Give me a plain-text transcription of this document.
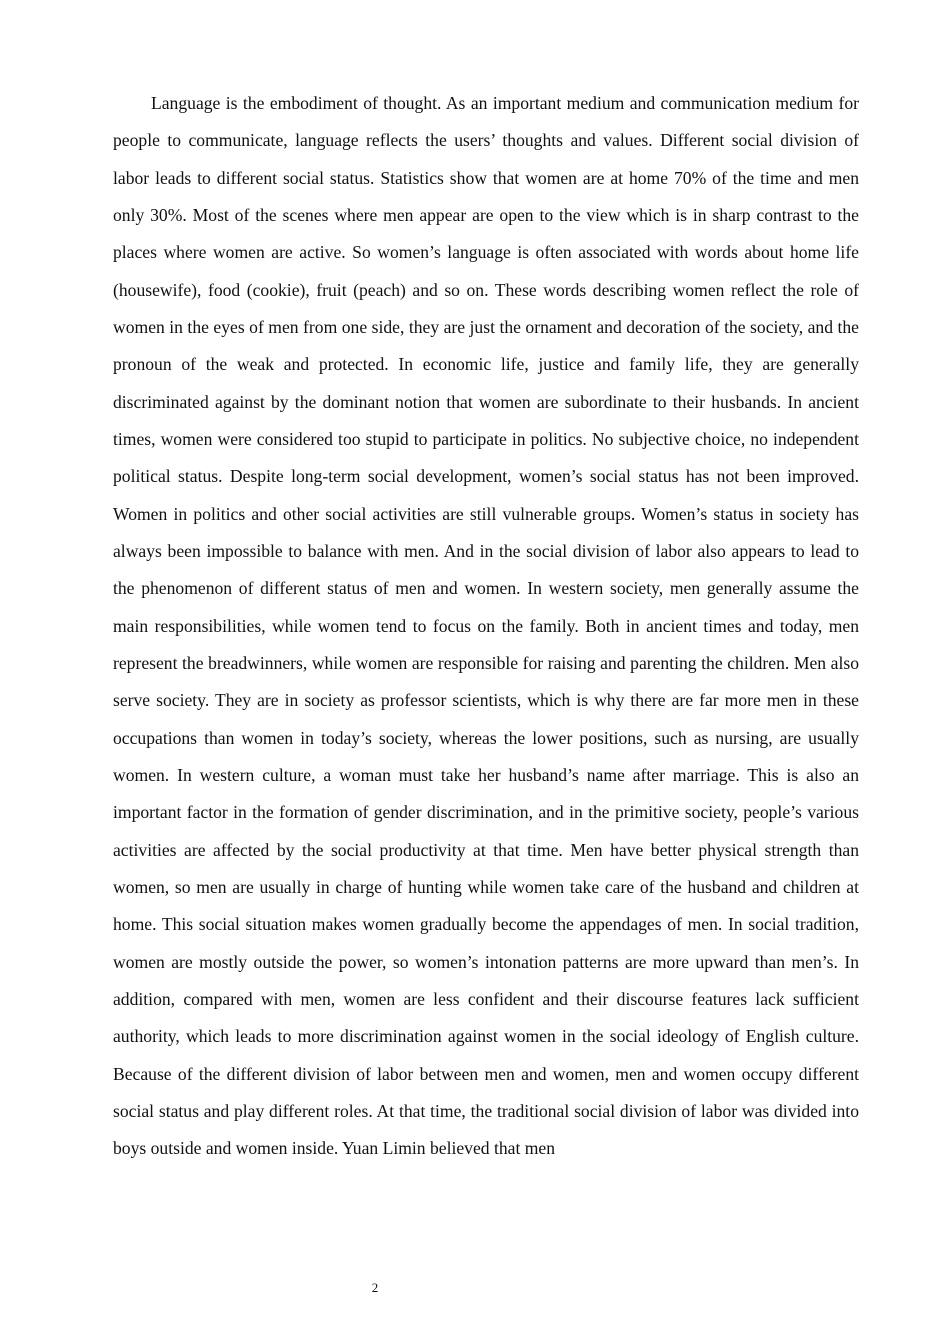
Language is the embodiment of thought. As an important medium and communication medium for people to communicate, language reflects the users’ thoughts and values. Different social division of labor leads to different social status. Statistics show that women are at home 70% of the time and men only 30%. Most of the scenes where men appear are open to the view which is in sharp contrast to the places where women are active. So women’s language is often associated with words about home life (housewife), food (cookie), fruit (peach) and so on. These words describing women reflect the role of women in the eyes of men from one side, they are just the ornament and decoration of the society, and the pronoun of the weak and protected. In economic life, justice and family life, they are generally discriminated against by the dominant notion that women are subordinate to their husbands. In ancient times, women were considered too stupid to participate in politics. No subjective choice, no independent political status. Despite long-term social development, women’s social status has not been improved. Women in politics and other social activities are still vulnerable groups. Women’s status in society has always been impossible to balance with men. And in the social division of labor also appears to lead to the phenomenon of different status of men and women. In western society, men generally assume the main responsibilities, while women tend to focus on the family. Both in ancient times and today, men represent the breadwinners, while women are responsible for raising and parenting the children. Men also serve society. They are in society as professor scientists, which is why there are far more men in these occupations than women in today’s society, whereas the lower positions, such as nursing, are usually women. In western culture, a woman must take her husband’s name after marriage. This is also an important factor in the formation of gender discrimination, and in the primitive society, people’s various activities are affected by the social productivity at that time. Men have better physical strength than women, so men are usually in charge of hunting while women take care of the husband and children at home. This social situation makes women gradually become the appendages of men. In social tradition, women are mostly outside the power, so women’s intonation patterns are more upward than men’s. In addition, compared with men, women are less confident and their discourse features lack sufficient authority, which leads to more discrimination against women in the social ideology of English culture. Because of the different division of labor between men and women, men and women occupy different social status and play different roles. At that time, the traditional social division of labor was divided into boys outside and women inside. Yuan Limin believed that men

2
